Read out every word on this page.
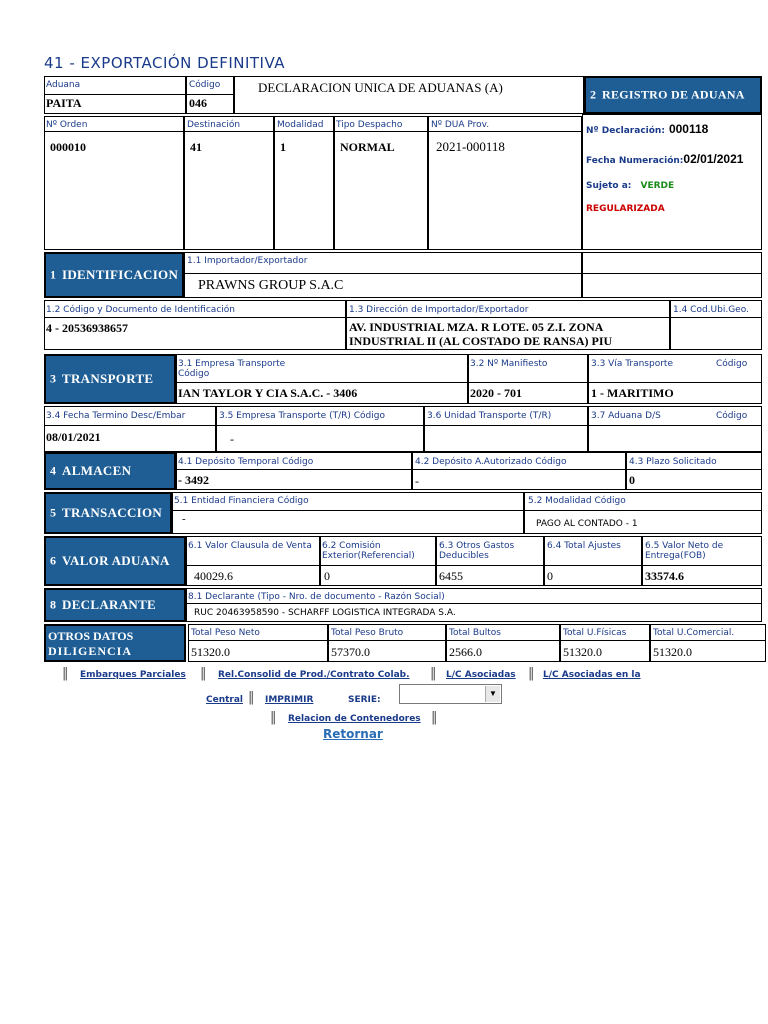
41 - EXPORTACIÓN DEFINITIVA
Aduana
PAITA
Código
046
DECLARACION UNICA DE ADUANAS (A)	2 REGISTRO DE ADUANA
Nº Orden
000010
Destinación
41
Modalidad
1
Tipo Despacho
NORMAL
Nº DUA Prov.
2021-000118
Nº Declaración: 000118
Fecha Numeración:02/01/2021
Sujeto a: VERDE
REGULARIZADA
1 IDENTIFICACION
1.1 Importador/Exportador
PRAWNS GROUP S.A.C
1.2 Código y Documento de Identificación
4 - 20536938657
1.3 Dirección de Importador/Exportador
AV. INDUSTRIAL MZA. R LOTE. 05 Z.I. ZONA
INDUSTRIAL II (AL COSTADO DE RANSA) PIU
1.4 Cod.Ubi.Geo.
3 TRANSPORTE
3.1 Empresa Transporte
Código
IAN TAYLOR Y CIA S.A.C. - 3406
3.2 Nº Manifiesto
2020 - 701
3.3 Vía Transporte	Código
1 - MARITIMO
3.4 Fecha Termino Desc/Embar
08/01/2021
3.5 Empresa Transporte (T/R) Código
-
3.6 Unidad Transporte (T/R)	3.7 Aduana D/S	Código
4 ALMACEN
4.1 Depósito Temporal Código
- 3492
4.2 Depósito A.Autorizado Código
-
4.3 Plazo Solicitado
0
5 TRANSACCION
5.1 Entidad Financiera Código
-
5.2 Modalidad Código
PAGO AL CONTADO - 1
6 VALOR ADUANA
6.1 Valor Clausula de Venta
40029.6
6.2 Comisión Exterior(Referencial)
0
6.3 Otros Gastos Deducibles
6455
6.4 Total Ajustes
0
6.5 Valor Neto de Entrega(FOB)
33574.6
8 DECLARANTE	8.1 Declarante (Tipo - Nro. de documento - Razón Social)
RUC 20463958590 - SCHARFF LOGISTICA INTEGRADA S.A.
OTROS DATOS
DILIGENCIA
Total Peso Neto
51320.0
Total Peso Bruto
57370.0
Total Bultos
2566.0
Total U.Físicas
51320.0
Total U.Comercial.
51320.0
‖ Embarques Parciales ‖ Rel.Consolid de Prod./Contrato Colab. ‖ L/C Asociadas ‖ L/C Asociadas en la
Central ‖ IMPRIMIR	SERIE:
▼
‖ Relacion de Contenedores ‖
Retornar
